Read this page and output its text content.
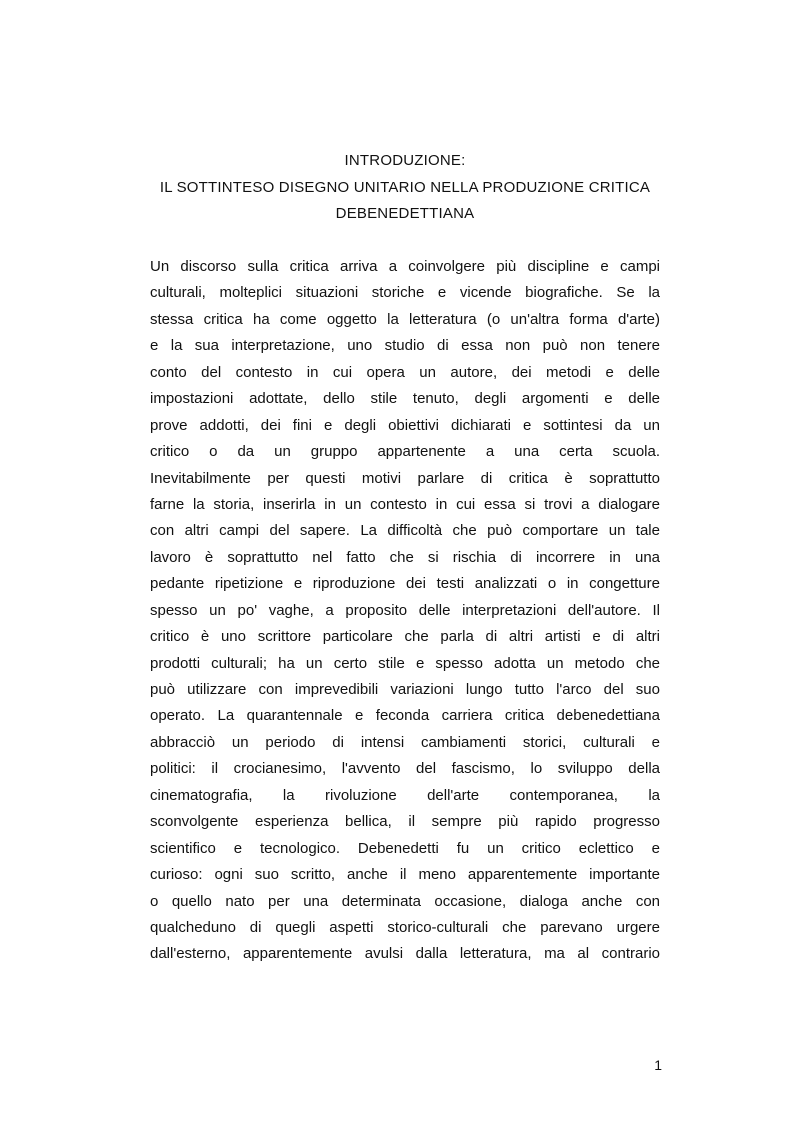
INTRODUZIONE:
IL SOTTINTESO DISEGNO UNITARIO NELLA PRODUZIONE CRITICA
DEBENEDETTIANA
Un discorso sulla critica arriva a coinvolgere più discipline e campi
culturali, molteplici situazioni storiche e vicende biografiche. Se la
stessa critica ha come oggetto la letteratura (o un'altra forma d'arte)
e la sua interpretazione, uno studio di essa non può non tenere
conto del contesto in cui opera un autore, dei metodi e delle
impostazioni adottate, dello stile tenuto, degli argomenti e delle
prove addotti, dei fini e degli obiettivi dichiarati e sottintesi da un
critico o da un gruppo appartenente a una certa scuola.
Inevitabilmente per questi motivi parlare di critica è soprattutto
farne la storia, inserirla in un contesto in cui essa si trovi a dialogare
con altri campi del sapere. La difficoltà che può comportare un tale
lavoro è soprattutto nel fatto che si rischia di incorrere in una
pedante ripetizione e riproduzione dei testi analizzati o in congetture
spesso un po' vaghe, a proposito delle interpretazioni dell'autore. Il
critico è uno scrittore particolare che parla di altri artisti e di altri
prodotti culturali; ha un certo stile e spesso adotta un metodo che
può utilizzare con imprevedibili variazioni lungo tutto l'arco del suo
operato. La quarantennale e feconda carriera critica debenedettiana
abbracciò un periodo di intensi cambiamenti storici, culturali e
politici: il crocianesimo, l'avvento del fascismo, lo sviluppo della
cinematografia, la rivoluzione dell'arte contemporanea, la
sconvolgente esperienza bellica, il sempre più rapido progresso
scientifico e tecnologico. Debenedetti fu un critico eclettico e
curioso: ogni suo scritto, anche il meno apparentemente importante
o quello nato per una determinata occasione, dialoga anche con
qualcheduno di quegli aspetti storico-culturali che parevano urgere
dall'esterno, apparentemente avulsi dalla letteratura, ma al contrario
1
